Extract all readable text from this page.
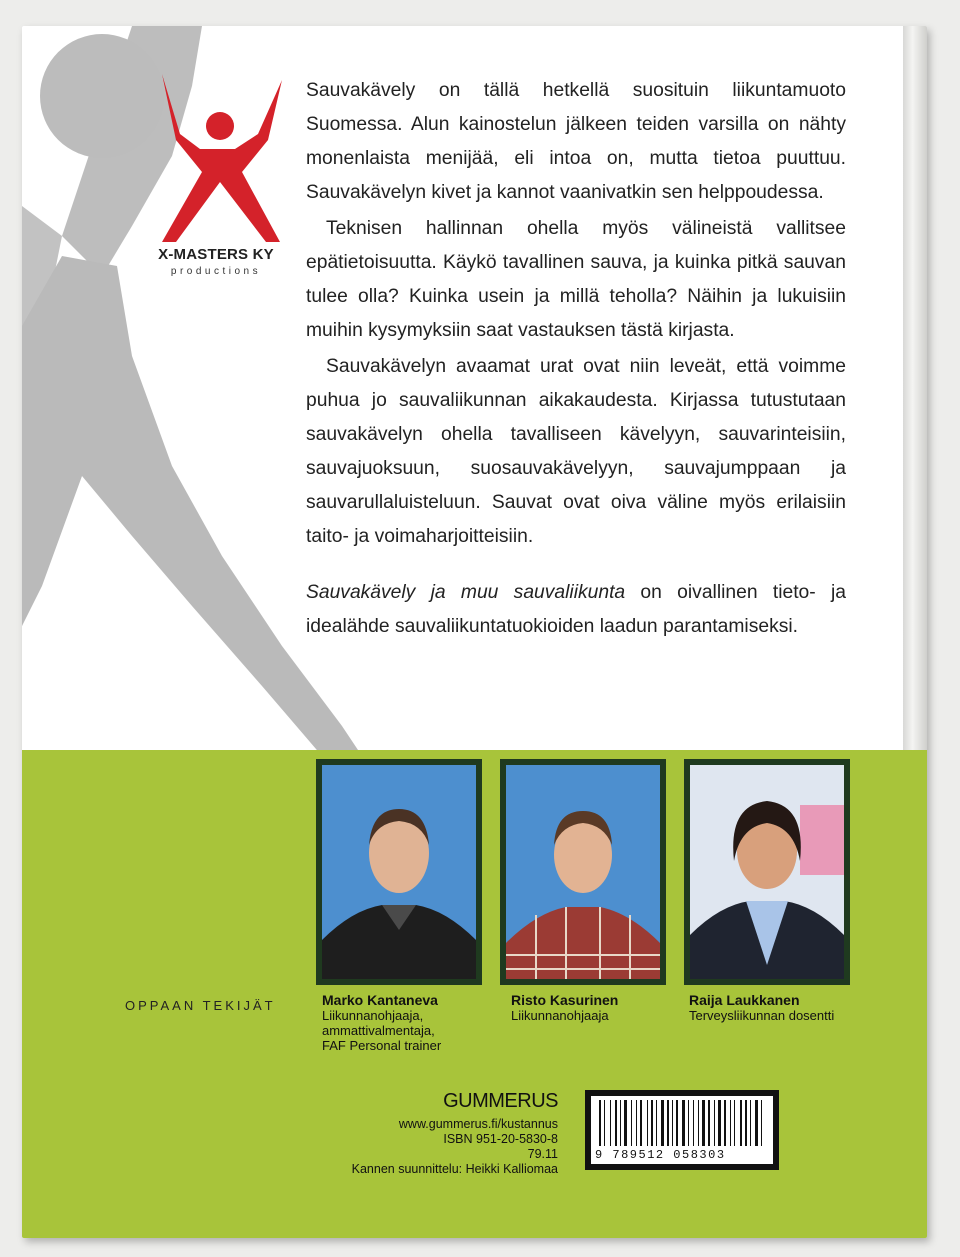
X-MASTERS KY
productions

Sauvakävely on tällä hetkellä suosituin liikuntamuoto Suomessa. Alun kainostelun jälkeen teiden varsilla on nähty monenlaista menijää, eli intoa on, mutta tietoa puuttuu. Sauvakävelyn kivet ja kannot vaanivatkin sen helppoudessa.

Teknisen hallinnan ohella myös välineistä vallitsee epätietoisuutta. Käykö tavallinen sauva, ja kuinka pitkä sauvan tulee olla? Kuinka usein ja millä teholla? Näihin ja lukuisiin muihin kysymyksiin saat vastauksen tästä kirjasta.

Sauvakävelyn avaamat urat ovat niin leveät, että voimme puhua jo sauvaliikunnan aikakaudesta. Kirjassa tutustutaan sauvakävelyn ohella tavalliseen kävelyyn, sauvarinteisiin, sauvajuoksuun, suosauvakävelyyn, sauvajumppaan ja sauvarullaluisteluun. Sauvat ovat oiva väline myös erilaisiin taito- ja voimaharjoitteisiin.

Sauvakävely ja muu sauvaliikunta on oivallinen tieto- ja idealähde sauvaliikuntatuokioiden laadun parantamiseksi.

OPPAAN TEKIJÄT	Marko Kantaneva
Liikunnanohjaaja,
ammattivalmentaja,
FAF Personal trainer
Risto Kasurinen
Liikunnanohjaaja
Raija Laukkanen
Terveysliikunnan dosentti
GUMMERUS
www.gummerus.fi/kustannus
ISBN 951-20-5830-8
79.11
Kannen suunnittelu: Heikki Kalliomaa
9 789512 058303
